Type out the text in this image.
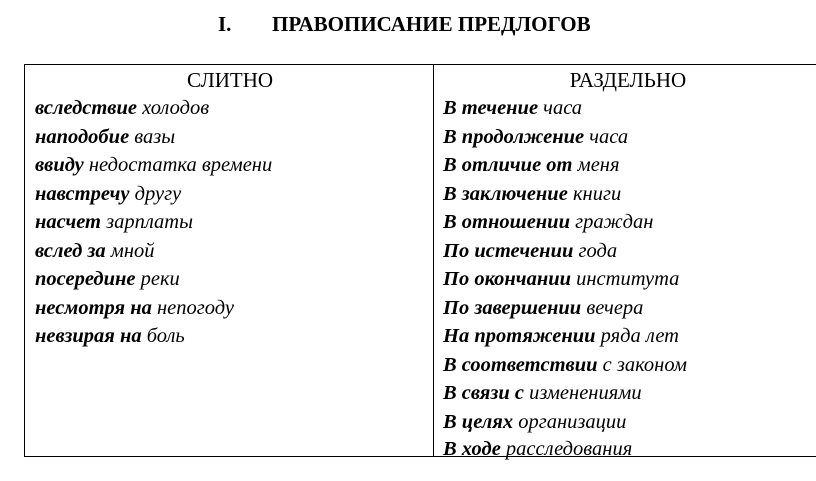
I. ПРАВОПИСАНИЕ ПРЕДЛОГОВ
СЛИТНО
вследствие холодов
наподобие вазы
ввиду недостатка времени
навстречу другу
насчет зарплаты
вслед за мной
посередине реки
несмотря на непогоду
невзирая на боль
РАЗДЕЛЬНО
В течение часа
В продолжение часа
В отличие от меня
В заключение книги
В отношении граждан
По истечении года
По окончании института
По завершении вечера
На протяжении ряда лет
В соответствии с законом
В связи с изменениями
В целях организации
В ходе расследования
